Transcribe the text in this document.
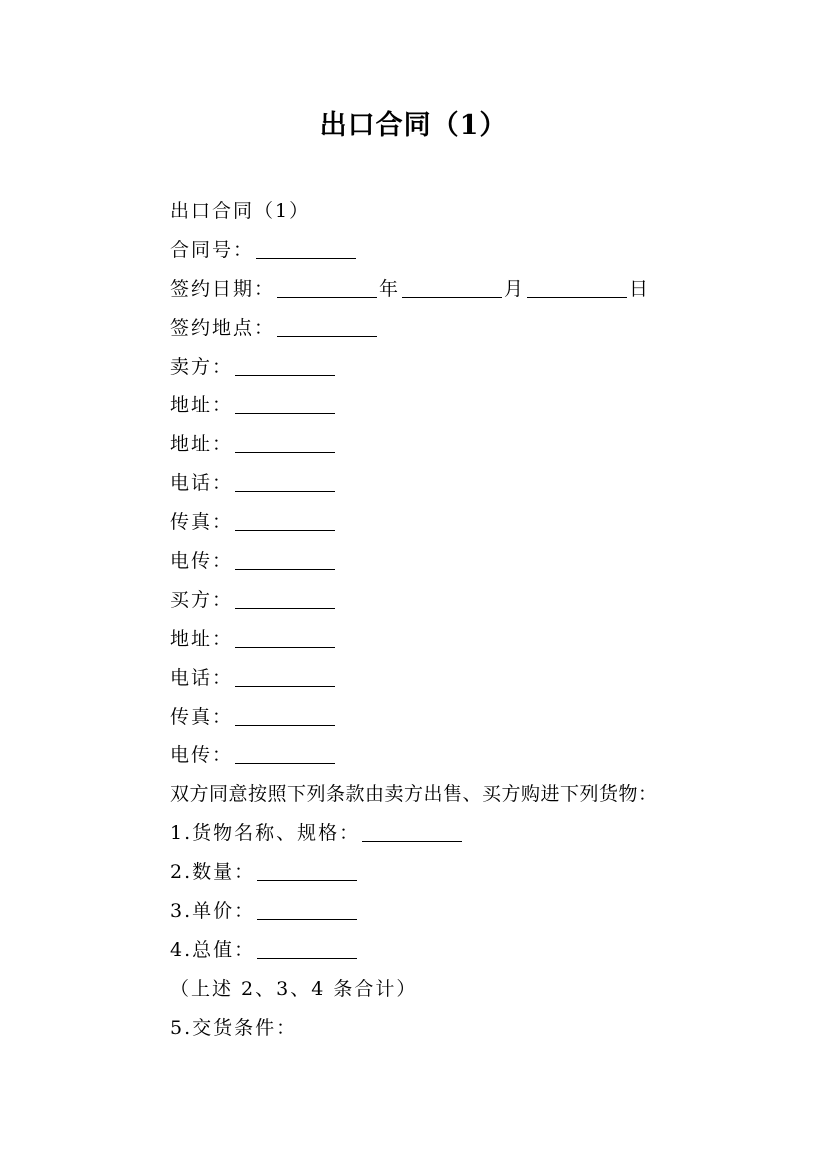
出口合同（1）
出口合同（1）
合同号：
签约日期：	年	月	日
签约地点：
卖方：
地址：
地址：
电话：
传真：
电传：
买方：
地址：
电话：
传真：
电传：
双方同意按照下列条款由卖方出售、买方购进下列货物：
1.货物名称、规格：
2.数量：
3.单价：
4.总值：
（上述 2、3、4 条合计）
5.交货条件：
